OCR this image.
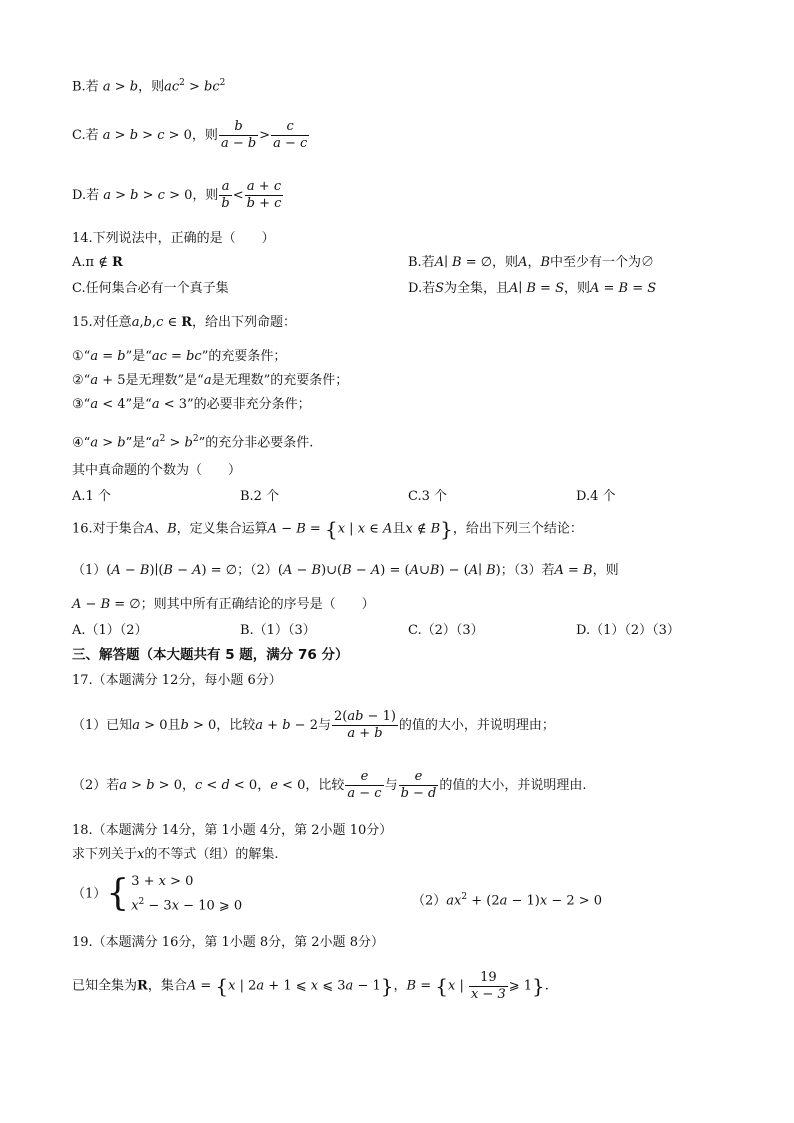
B.若 a > b，则$ac^2 > bc^2$
C.若 a > b > c > 0，则 $\frac{b}{a - b} > \frac{c}{a - c}$
D.若 a > b > c > 0，则 $\frac{a}{b} < \frac{a + c}{b + c}$
14.下列说法中，正确的是（　　）
A.π ∉ R	B.若A∣ B = ∅，则A，B中至少有一个为∅
C.任何集合必有一个真子集	D.若S为全集，且A∣ B = S，则A = B = S
15.对任意a,b,c ∈ R，给出下列命题：
①“a = b”是“ac = bc”的充要条件；
②“a + 5是无理数”是“a是无理数”的充要条件；
③“a < 4”是“a < 3”的必要非充分条件；
④“a > b”是“$a^2 > b^2$”的充分非必要条件.
其中真命题的个数为（　　）
A.1 个	B.2 个	C.3 个	D.4 个
16.对于集合A、B，定义集合运算A − B = {x | x ∈ A且x ∉ B}，给出下列三个结论：
（1）(A − B)∣(B − A) = ∅；（2）(A − B)∪(B − A) = (A∪B) − (A∣ B)；（3）若A = B，则
A − B = ∅；则其中所有正确结论的序号是（　　）
A.（1）（2）	B.（1）（3）	C.（2）（3）	D.（1）（2）（3）
三、解答题（本大题共有 5 题，满分 76 分）
17.（本题满分 12分，每小题 6分）
（1）已知a > 0且b > 0，比较a + b − 2与 $\frac{2(ab - 1)}{a + b}$ 的值的大小，并说明理由；
（2）若a > b > 0，c < d < 0，e < 0，比较 $\frac{e}{a - c}$ 与 $\frac{e}{b - d}$ 的值的大小，并说明理由.
18.（本题满分 14分，第 1小题 4分，第 2小题 10分）
求下列关于x的不等式（组）的解集.
（1）{ 3 + x > 0
$x^2 - 3x - 10$ ⩾ 0	$(2)ax^2 + (2a - 1)x - 2 > 0$
19.（本题满分 16分，第 1小题 8分，第 2小题 8分）
已知全集为R，集合A = {x | 2a + 1 ⩽ x ⩽ 3a − 1}，B = {x | $\frac{19}{x - 3}$ ⩾ 1}.
